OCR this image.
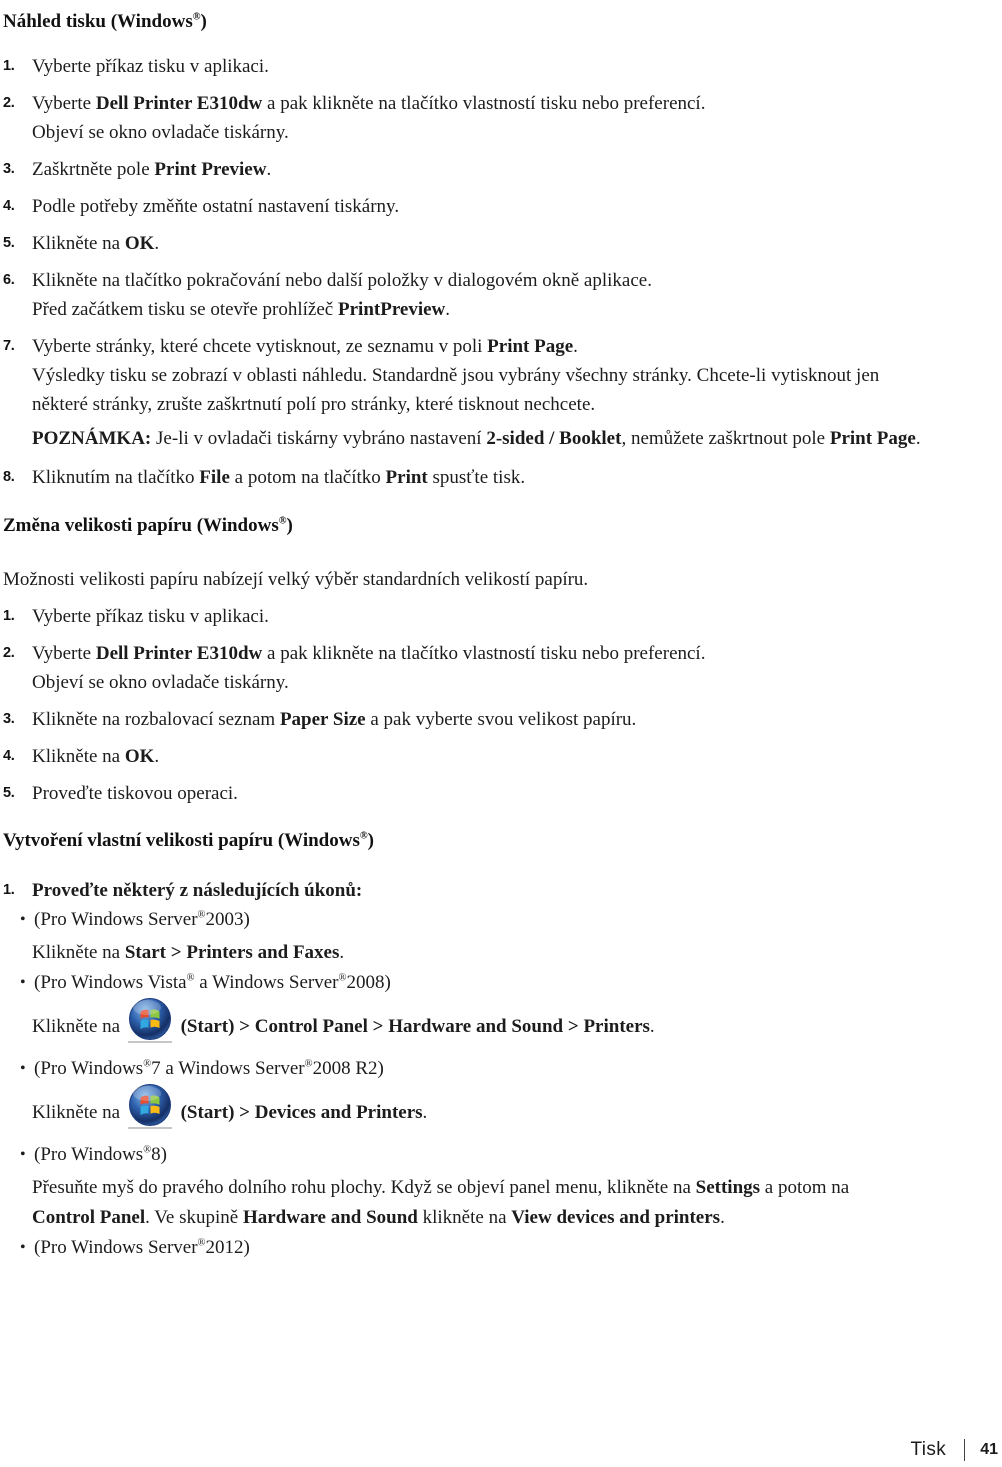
Náhled tisku (Windows®)
1. Vyberte příkaz tisku v aplikaci.
2. Vyberte Dell Printer E310dw a pak klikněte na tlačítko vlastností tisku nebo preferencí.
Objeví se okno ovladače tiskárny.
3. Zaškrtněte pole Print Preview.
4. Podle potřeby změňte ostatní nastavení tiskárny.
5. Klikněte na OK.
6. Klikněte na tlačítko pokračování nebo další položky v dialogovém okně aplikace.
Před začátkem tisku se otevře prohlížeč PrintPreview.
7. Vyberte stránky, které chcete vytisknout, ze seznamu v poli Print Page.
Výsledky tisku se zobrazí v oblasti náhledu. Standardně jsou vybrány všechny stránky. Chcete-li vytisknout jen
některé stránky, zrušte zaškrtnutí polí pro stránky, které tisknout nechcete.
POZNÁMKA: Je-li v ovladači tiskárny vybráno nastavení 2-sided / Booklet, nemůžete zaškrtnout pole Print Page.
8. Kliknutím na tlačítko File a potom na tlačítko Print spusťte tisk.
Změna velikosti papíru (Windows®)
Možnosti velikosti papíru nabízejí velký výběr standardních velikostí papíru.
1. Vyberte příkaz tisku v aplikaci.
2. Vyberte Dell Printer E310dw a pak klikněte na tlačítko vlastností tisku nebo preferencí.
Objeví se okno ovladače tiskárny.
3. Klikněte na rozbalovací seznam Paper Size a pak vyberte svou velikost papíru.
4. Klikněte na OK.
5. Proveďte tiskovou operaci.
Vytvoření vlastní velikosti papíru (Windows®)
1. Proveďte některý z následujících úkonů:
• (Pro Windows Server®2003)
Klikněte na Start > Printers and Faxes.
• (Pro Windows Vista® a Windows Server®2008)
Klikněte na	(Start) > Control Panel > Hardware and Sound > Printers.
• (Pro Windows®7 a Windows Server®2008 R2)
Klikněte na	(Start) > Devices and Printers.
• (Pro Windows®8)
Přesuňte myš do pravého dolního rohu plochy. Když se objeví panel menu, klikněte na Settings a potom na
Control Panel. Ve skupině Hardware and Sound klikněte na View devices and printers.
• (Pro Windows Server®2012)
Tisk 41
